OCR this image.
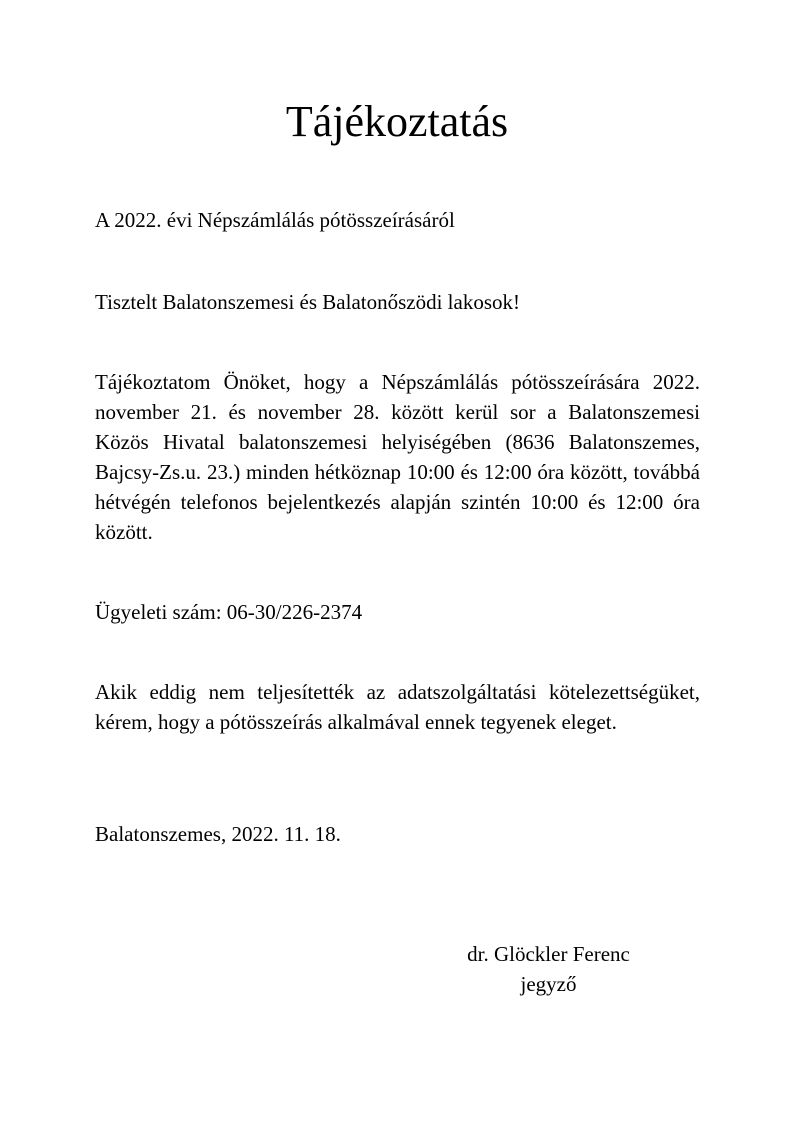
Tájékoztatás

A 2022. évi Népszámlálás pótösszeírásáról

Tisztelt Balatonszemesi és Balatonőszödi lakosok!

Tájékoztatom Önöket, hogy a Népszámlálás pótösszeírására 2022. november 21. és november 28. között kerül sor a Balatonszemesi Közös Hivatal balatonszemesi helyiségében (8636 Balatonszemes, Bajcsy-Zs.u. 23.) minden hétköznap 10:00 és 12:00 óra között, továbbá hétvégén telefonos bejelentkezés alapján szintén 10:00 és 12:00 óra között.

Ügyeleti szám: 06-30/226-2374

Akik eddig nem teljesítették az adatszolgáltatási kötelezettségüket, kérem, hogy a pótösszeírás alkalmával ennek tegyenek eleget.

Balatonszemes, 2022. 11. 18.

dr. Glöckler Ferenc
jegyző
